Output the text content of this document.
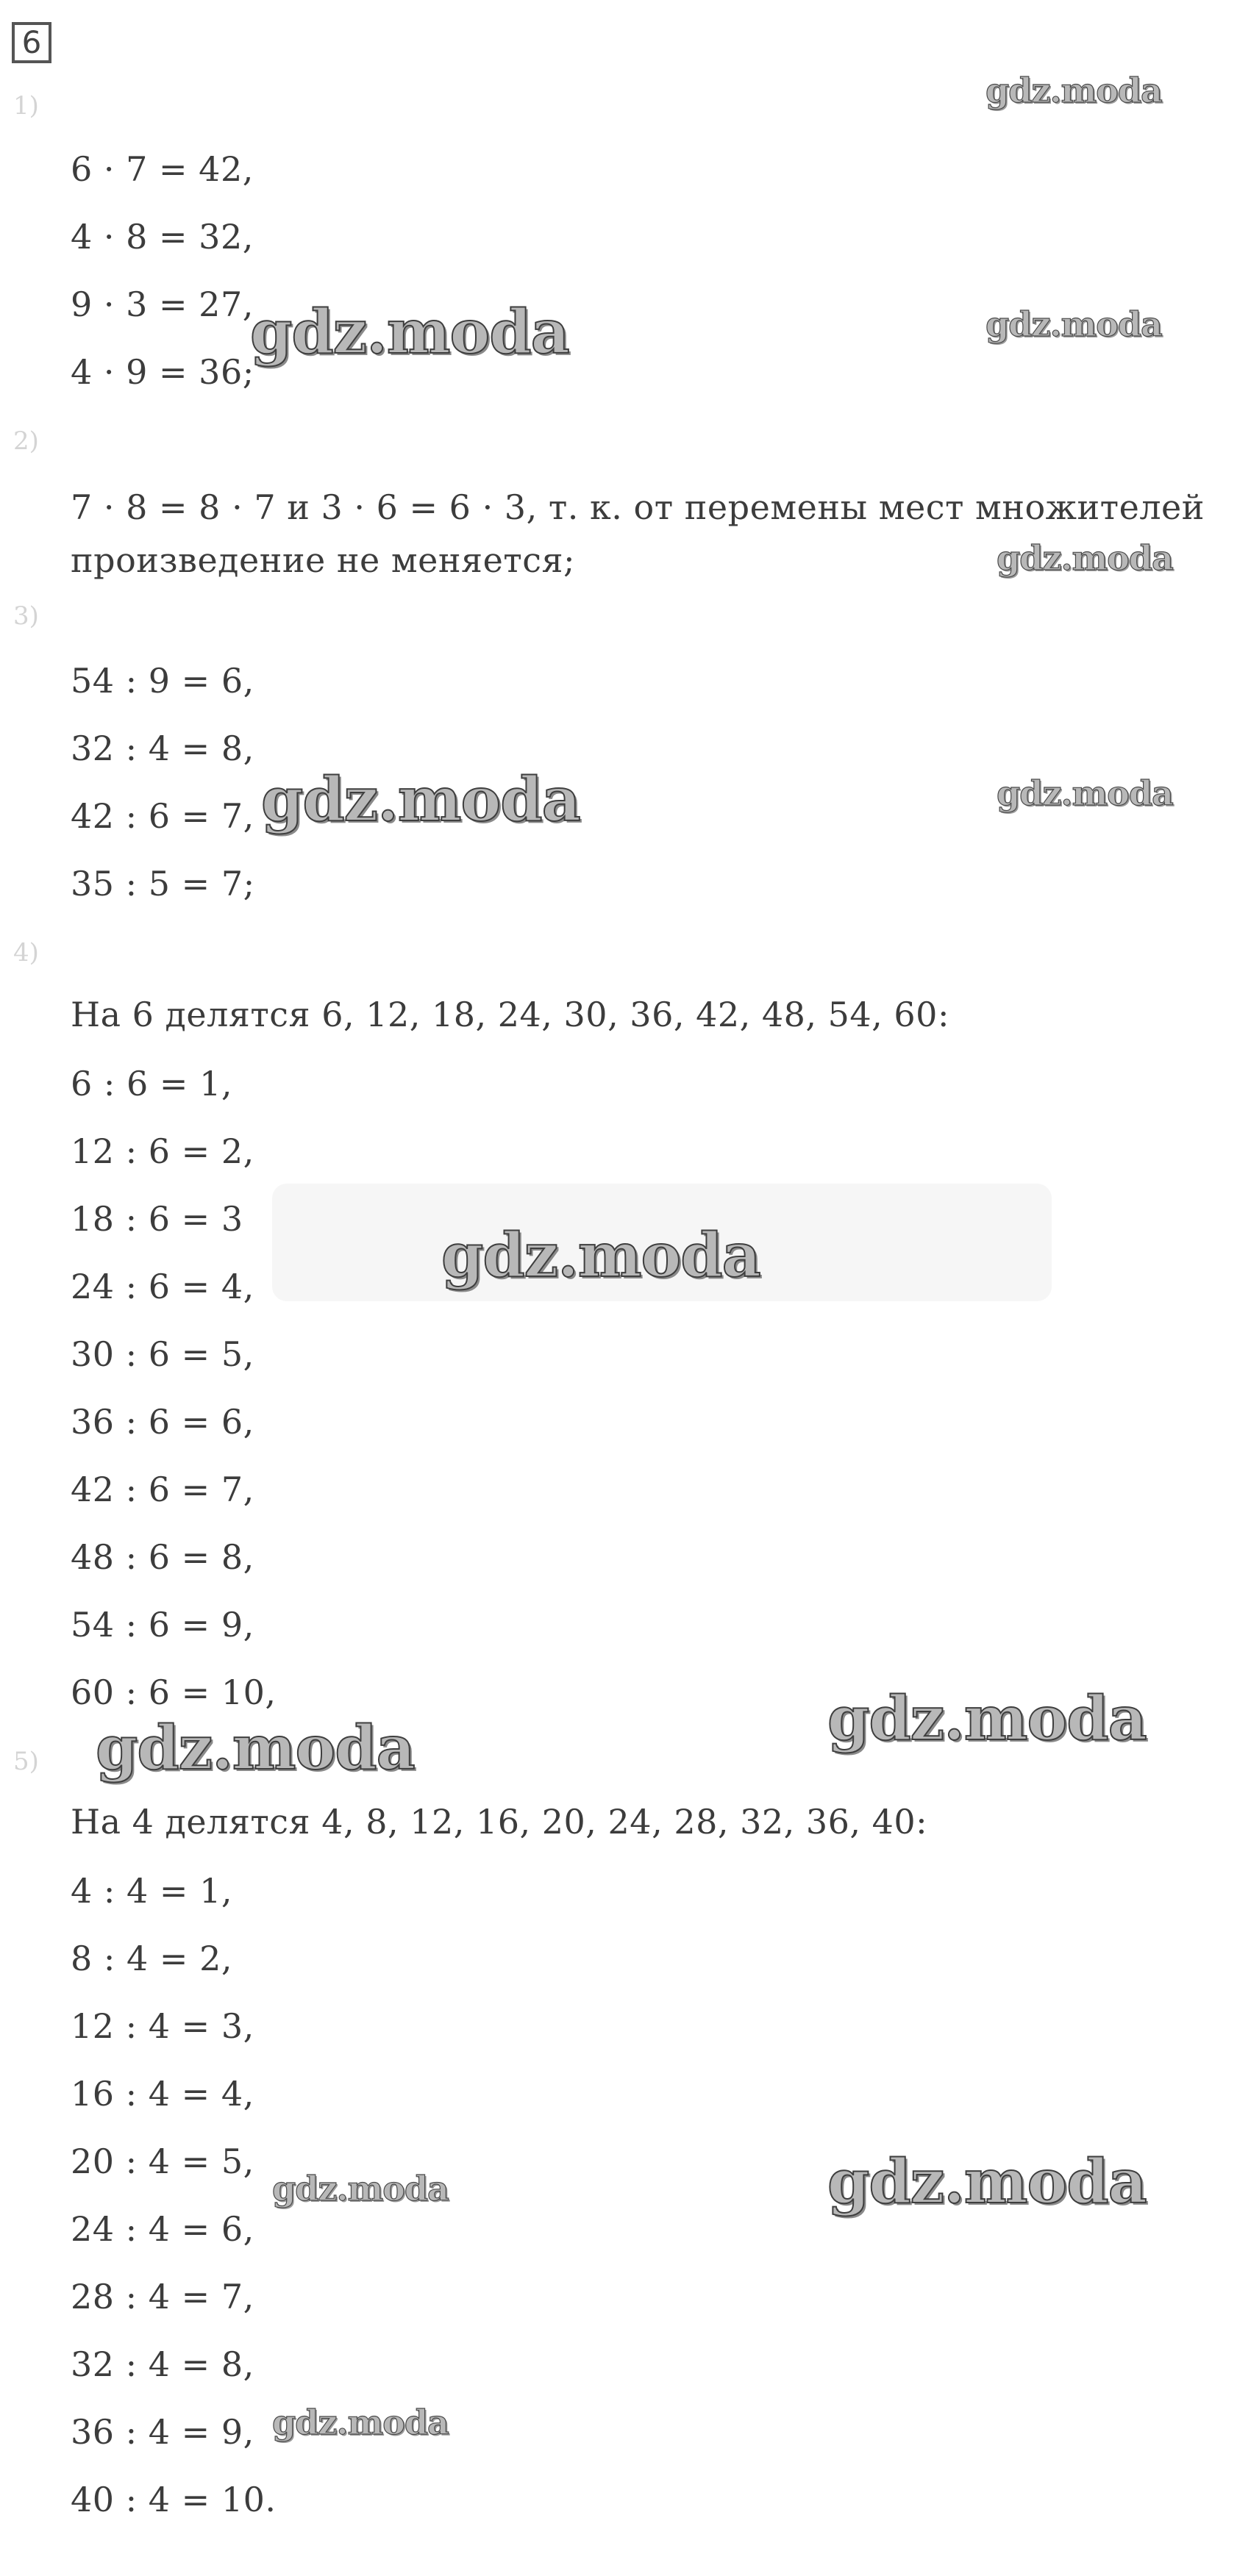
6
1)
6 · 7 = 42,
4 · 8 = 32,
9 · 3 = 27,
4 · 9 = 36;
2)
7 · 8 = 8 · 7 и 3 · 6 = 6 · 3, т. к. от перемены мест множителей произведение не меняется;
3)
54 : 9 = 6,
32 : 4 = 8,
42 : 6 = 7,
35 : 5 = 7;
4)
На 6 делятся 6, 12, 18, 24, 30, 36, 42, 48, 54, 60:
6 : 6 = 1,
12 : 6 = 2,
18 : 6 = 3
24 : 6 = 4,
30 : 6 = 5,
36 : 6 = 6,
42 : 6 = 7,
48 : 6 = 8,
54 : 6 = 9,
60 : 6 = 10,
5)
На 4 делятся 4, 8, 12, 16, 20, 24, 28, 32, 36, 40:
4 : 4 = 1,
8 : 4 = 2,
12 : 4 = 3,
16 : 4 = 4,
20 : 4 = 5,
24 : 4 = 6,
28 : 4 = 7,
32 : 4 = 8,
36 : 4 = 9,
40 : 4 = 10.
gdz.moda
gdz.moda
gdz.moda
gdz.moda
gdz.moda
gdz.moda
gdz.moda
gdz.moda	gdz.moda
gdz.moda
gdz.moda
gdz.moda
